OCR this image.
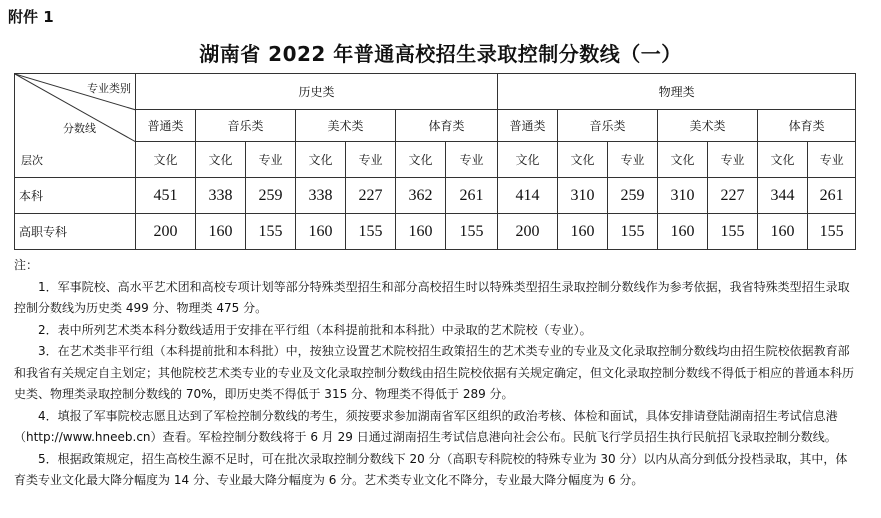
附件 1
湖南省 2022 年普通高校招生录取控制分数线（一）
专业类别
分数线
层次	历史类							物理类						
	普通类	音乐类		美术类		体育类		普通类	音乐类		美术类		体育类	
	文化	文化	专业	文化	专业	文化	专业	文化	文化	专业	文化	专业	文化	专业
本科	451	338	259	338	227	362	261	414	310	259	310	227	344	261
高职专科	200	160	155	160	155	160	155	200	160	155	160	155	160	155

注：

1．军事院校、高水平艺术团和高校专项计划等部分特殊类型招生和部分高校招生时以特殊类型招生录取控制分数线作为参考依据，我省特殊类型招生录取控制分数线为历史类 499 分、物理类 475 分。

2．表中所列艺术类本科分数线适用于安排在平行组（本科提前批和本科批）中录取的艺术院校（专业）。

3．在艺术类非平行组（本科提前批和本科批）中，按独立设置艺术院校招生政策招生的艺术类专业的专业及文化录取控制分数线均由招生院校依据教育部和我省有关规定自主划定；其他院校艺术类专业的专业及文化录取控制分数线由招生院校依据有关规定确定，但文化录取控制分数线不得低于相应的普通本科历史类、物理类录取控制分数线的 70%，即历史类不得低于 315 分、物理类不得低于 289 分。

4．填报了军事院校志愿且达到了军检控制分数线的考生，须按要求参加湖南省军区组织的政治考核、体检和面试，具体安排请登陆湖南招生考试信息港（http://www.hneeb.cn）查看。军检控制分数线将于 6 月 29 日通过湖南招生考试信息港向社会公布。民航飞行学员招生执行民航招飞录取控制分数线。

5．根据政策规定，招生高校生源不足时，可在批次录取控制分数线下 20 分（高职专科院校的特殊专业为 30 分）以内从高分到低分投档录取，其中，体育类专业文化最大降分幅度为 14 分、专业最大降分幅度为 6 分。艺术类专业文化不降分，专业最大降分幅度为 6 分。
